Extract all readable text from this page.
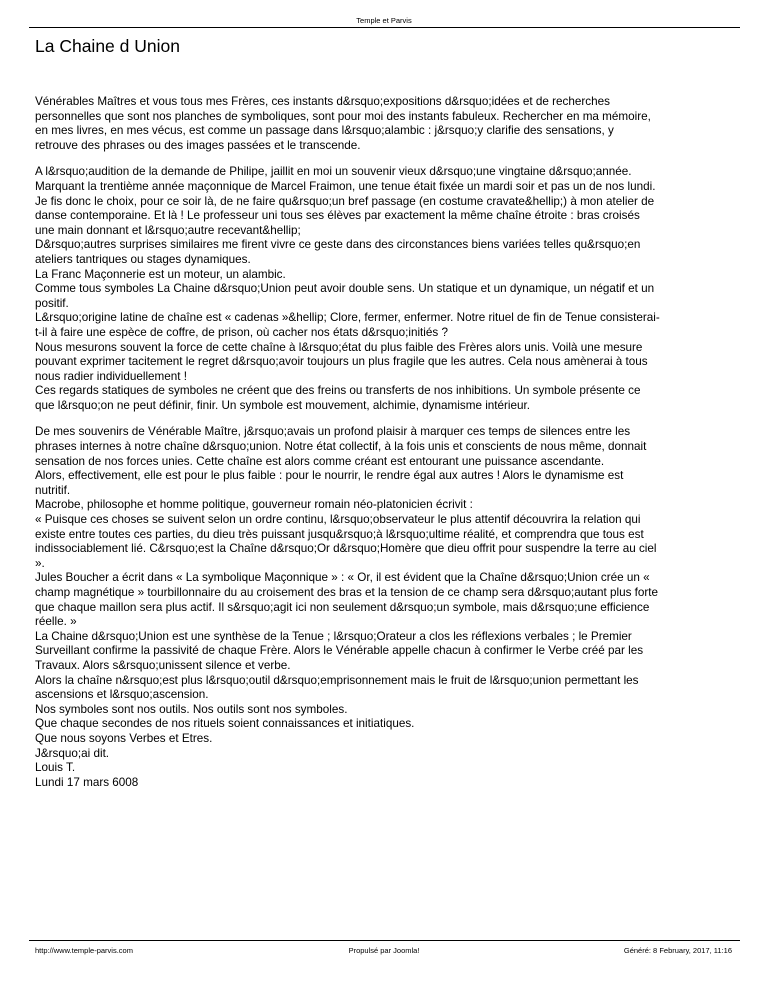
Temple et Parvis
La Chaine d Union

Vénérables Maîtres et vous tous mes Frères, ces instants d&rsquo;expositions d&rsquo;idées et de recherches
personnelles que sont nos planches de symboliques, sont pour moi des instants fabuleux. Rechercher en ma mémoire,
en mes livres, en mes vécus, est comme un passage dans l&rsquo;alambic : j&rsquo;y clarifie des sensations, y
retrouve des phrases ou des images passées et le transcende.

A l&rsquo;audition de la demande de Philipe, jaillit en moi un souvenir vieux d&rsquo;une vingtaine d&rsquo;année.
Marquant la trentième année maçonnique de Marcel Fraimon, une tenue était fixée un mardi soir et pas un de nos lundi.
Je fis donc le choix, pour ce soir là, de ne faire qu&rsquo;un bref passage (en costume cravate&hellip;) à mon atelier de
danse contemporaine. Et là ! Le professeur uni tous ses élèves par exactement la même chaîne étroite : bras croisés
une main donnant et l&rsquo;autre recevant&hellip;
D&rsquo;autres surprises similaires me firent vivre ce geste dans des circonstances biens variées telles qu&rsquo;en
ateliers tantriques ou stages dynamiques.
La Franc Maçonnerie est un moteur, un alambic.
Comme tous symboles La Chaine d&rsquo;Union peut avoir double sens. Un statique et un dynamique, un négatif et un
positif.
L&rsquo;origine latine de chaîne est « cadenas »&hellip; Clore, fermer, enfermer. Notre rituel de fin de Tenue consisterai-
t-il à faire une espèce de coffre, de prison, où cacher nos états d&rsquo;initiés ?
Nous mesurons souvent la force de cette chaîne à l&rsquo;état du plus faible des Frères alors unis. Voilà une mesure
pouvant exprimer tacitement le regret d&rsquo;avoir toujours un plus fragile que les autres. Cela nous amènerai à tous
nous radier individuellement !
Ces regards statiques de symboles ne créent que des freins ou transferts de nos inhibitions. Un symbole présente ce
que l&rsquo;on ne peut définir, finir. Un symbole est mouvement, alchimie, dynamisme intérieur.

De mes souvenirs de Vénérable Maître, j&rsquo;avais un profond plaisir à marquer ces temps de silences entre les
phrases internes à notre chaîne d&rsquo;union. Notre état collectif, à la fois unis et conscients de nous même, donnait
sensation de nos forces unies. Cette chaîne est alors comme créant est entourant une puissance ascendante.
Alors, effectivement, elle est pour le plus faible : pour le nourrir, le rendre égal aux autres ! Alors le dynamisme est
nutritif.
Macrobe, philosophe et homme politique, gouverneur romain néo-platonicien écrivit :
« Puisque ces choses se suivent selon un ordre continu, l&rsquo;observateur le plus attentif découvrira la relation qui
existe entre toutes ces parties, du dieu très puissant jusqu&rsquo;à l&rsquo;ultime réalité, et comprendra que tous est
indissociablement lié. C&rsquo;est la Chaîne d&rsquo;Or d&rsquo;Homère que dieu offrit pour suspendre la terre au ciel
».
Jules Boucher a écrit dans « La symbolique Maçonnique » : « Or, il est évident que la Chaîne d&rsquo;Union crée un «
champ magnétique » tourbillonnaire du au croisement des bras et la tension de ce champ sera d&rsquo;autant plus forte
que chaque maillon sera plus actif. Il s&rsquo;agit ici non seulement d&rsquo;un symbole, mais d&rsquo;une efficience
réelle. »
La Chaine d&rsquo;Union est une synthèse de la Tenue ; l&rsquo;Orateur a clos les réflexions verbales ; le Premier
Surveillant confirme la passivité de chaque Frère. Alors le Vénérable appelle chacun à confirmer le Verbe créé par les
Travaux. Alors s&rsquo;unissent silence et verbe.
Alors la chaîne n&rsquo;est plus l&rsquo;outil d&rsquo;emprisonnement mais le fruit de l&rsquo;union permettant les
ascensions et l&rsquo;ascension.
Nos symboles sont nos outils. Nos outils sont nos symboles.
Que chaque secondes de nos rituels soient connaissances et initiatiques.
Que nous soyons Verbes et Etres.
J&rsquo;ai dit.
Louis T.
Lundi 17 mars 6008

http://www.temple-parvis.com	Propulsé par Joomla!	Généré: 8 February, 2017, 11:16
